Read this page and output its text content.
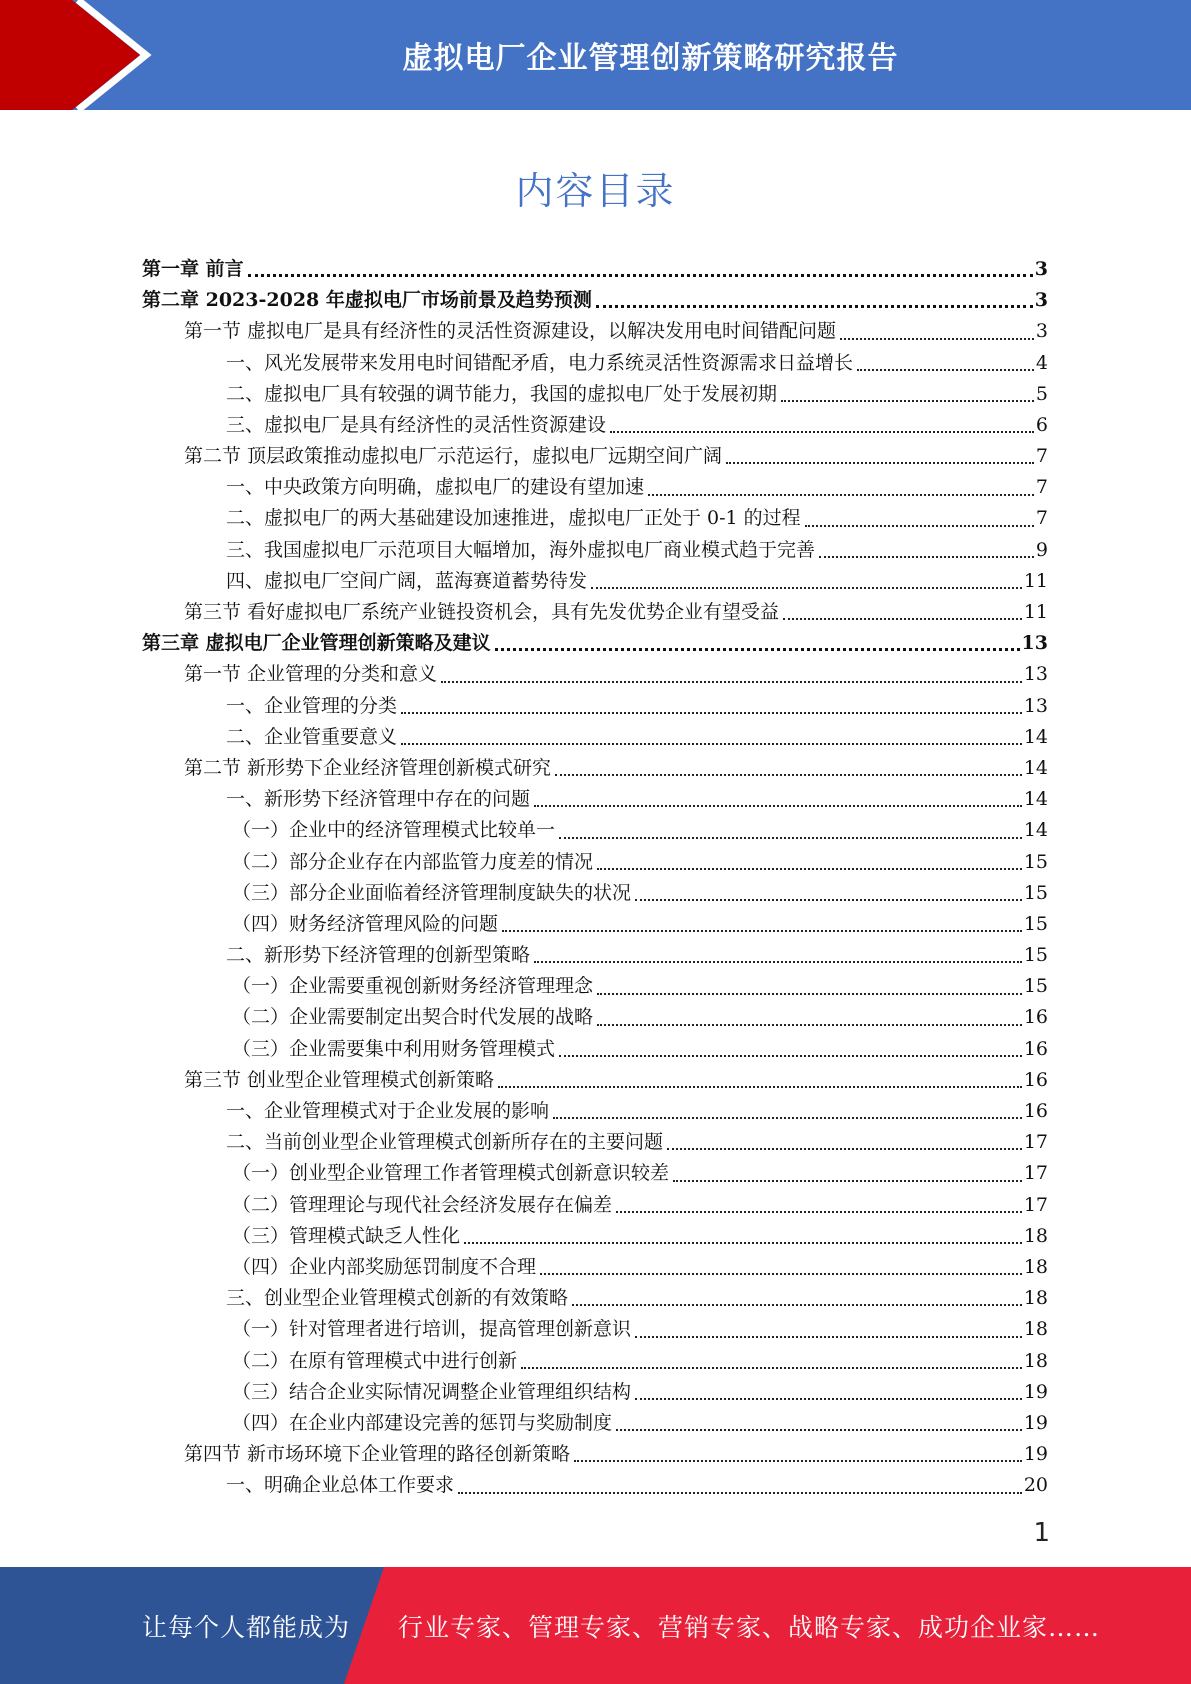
虚拟电厂企业管理创新策略研究报告
内容目录
第一章 前言	3
第二章 2023-2028 年虚拟电厂市场前景及趋势预测	3
第一节 虚拟电厂是具有经济性的灵活性资源建设，以解决发用电时间错配问题	3
一、风光发展带来发用电时间错配矛盾，电力系统灵活性资源需求日益增长	4
二、虚拟电厂具有较强的调节能力，我国的虚拟电厂处于发展初期	5
三、虚拟电厂是具有经济性的灵活性资源建设	6
第二节 顶层政策推动虚拟电厂示范运行，虚拟电厂远期空间广阔	7
一、中央政策方向明确，虚拟电厂的建设有望加速	7
二、虚拟电厂的两大基础建设加速推进，虚拟电厂正处于 0-1 的过程	7
三、我国虚拟电厂示范项目大幅增加，海外虚拟电厂商业模式趋于完善	9
四、虚拟电厂空间广阔，蓝海赛道蓄势待发	11
第三节 看好虚拟电厂系统产业链投资机会，具有先发优势企业有望受益	11
第三章 虚拟电厂企业管理创新策略及建议	13
第一节 企业管理的分类和意义	13
一、企业管理的分类	13
二、企业管重要意义	14
第二节 新形势下企业经济管理创新模式研究	14
一、新形势下经济管理中存在的问题	14
（一）企业中的经济管理模式比较单一	14
（二）部分企业存在内部监管力度差的情况	15
（三）部分企业面临着经济管理制度缺失的状况	15
（四）财务经济管理风险的问题	15
二、新形势下经济管理的创新型策略	15
（一）企业需要重视创新财务经济管理理念	15
（二）企业需要制定出契合时代发展的战略	16
（三）企业需要集中利用财务管理模式	16
第三节 创业型企业管理模式创新策略	16
一、企业管理模式对于企业发展的影响	16
二、当前创业型企业管理模式创新所存在的主要问题	17
（一）创业型企业管理工作者管理模式创新意识较差	17
（二）管理理论与现代社会经济发展存在偏差	17
（三）管理模式缺乏人性化	18
（四）企业内部奖励惩罚制度不合理	18
三、创业型企业管理模式创新的有效策略	18
（一）针对管理者进行培训，提高管理创新意识	18
（二）在原有管理模式中进行创新	18
（三）结合企业实际情况调整企业管理组织结构	19
（四）在企业内部建设完善的惩罚与奖励制度	19
第四节 新市场环境下企业管理的路径创新策略	19
一、明确企业总体工作要求	20
1
让每个人都能成为 行业专家、管理专家、营销专家、战略专家、成功企业家……
